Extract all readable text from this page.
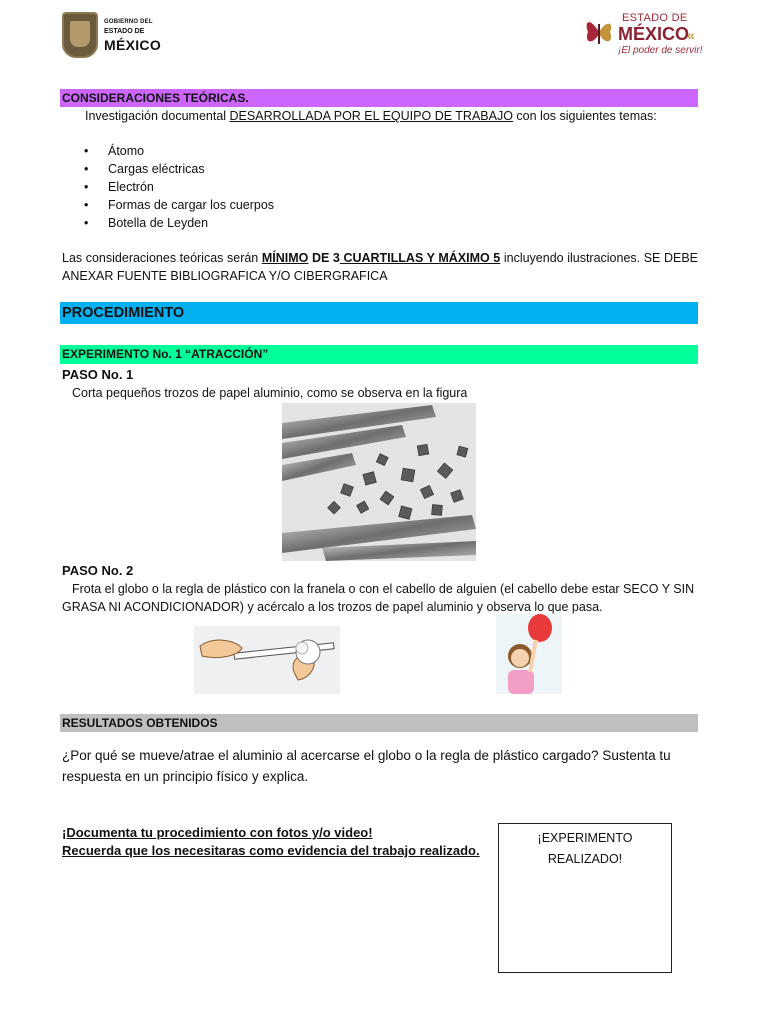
GOBIERNO DEL
ESTADO DE
MÉXICO
ESTADO DE
MÉXICO
«
¡El poder de servir!
CONSIDERACIONES TEÓRICAS.
Investigación documental DESARROLLADA POR EL EQUIPO DE TRABAJO con los siguientes temas:
• Átomo
• Cargas eléctricas
• Electrón
• Formas de cargar los cuerpos
• Botella de Leyden
Las consideraciones teóricas serán MÍNIMO DE 3 CUARTILLAS Y MÁXIMO 5 incluyendo ilustraciones. SE DEBE ANEXAR FUENTE BIBLIOGRAFICA Y/O CIBERGRAFICA
PROCEDIMIENTO
EXPERIMENTO No. 1 “ATRACCIÓN”
PASO No. 1
Corta pequeños trozos de papel aluminio, como se observa en la figura
PASO No. 2
Frota el globo o la regla de plástico con la franela o con el cabello de alguien (el cabello debe estar SECO Y SIN GRASA NI ACONDICIONADOR) y acércalo a los trozos de papel aluminio y observa lo que pasa.
RESULTADOS OBTENIDOS
¿Por qué se mueve/atrae el aluminio al acercarse el globo o la regla de plástico cargado? Sustenta tu respuesta en un principio físico y explica.
¡Documenta tu procedimiento con fotos y/o video!
Recuerda que los necesitaras como evidencia del trabajo realizado.
¡EXPERIMENTO REALIZADO!
